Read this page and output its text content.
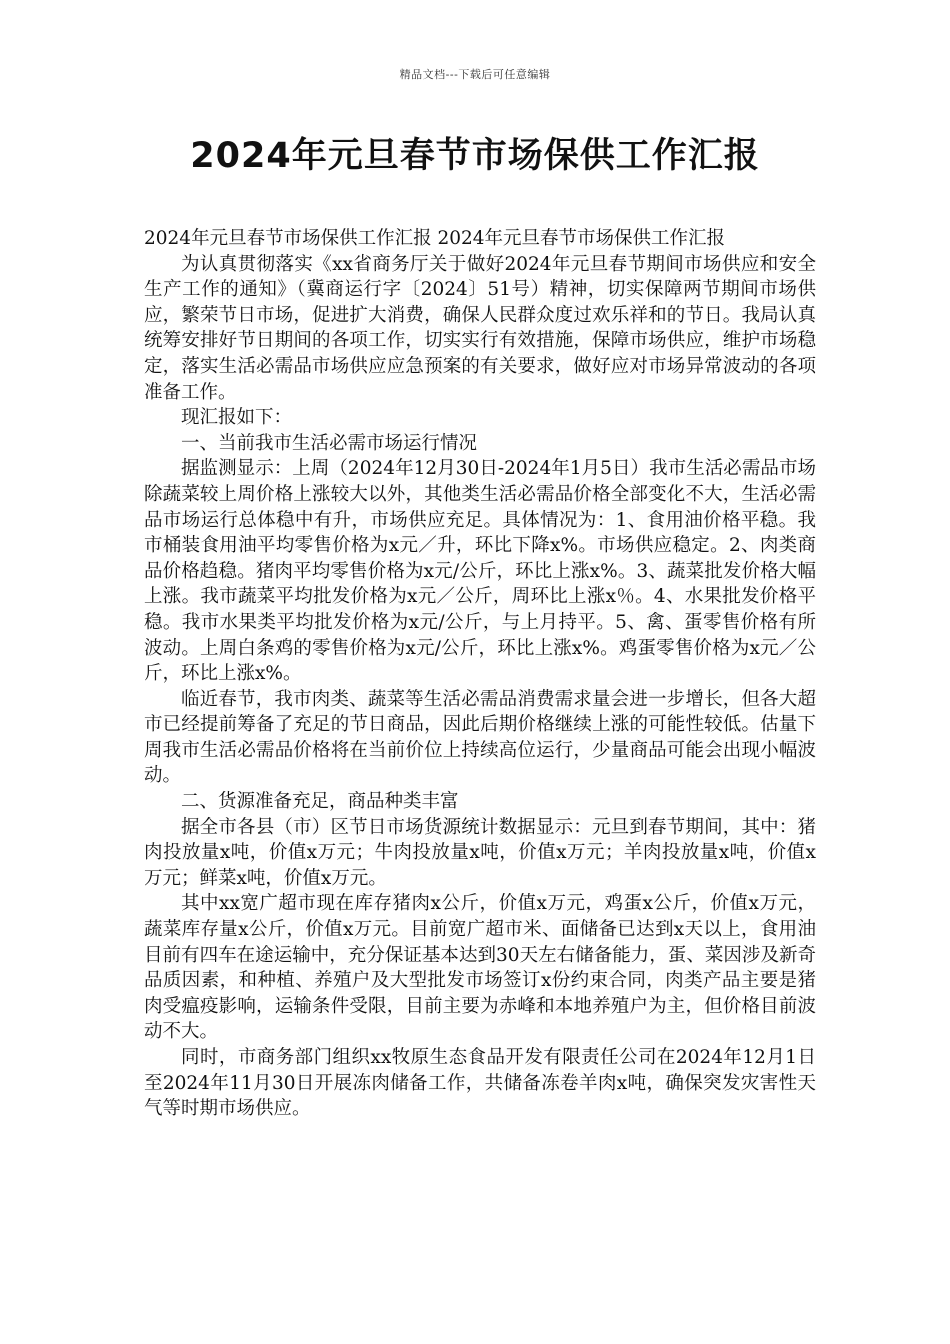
精品文档---下载后可任意编辑
2024年元旦春节市场保供工作汇报

2024年元旦春节市场保供工作汇报 2024年元旦春节市场保供工作汇报

为认真贯彻落实《xx省商务厅关于做好2024年元旦春节期间市场供应和安全生产工作的通知》（冀商运行字〔2024〕51号）精神，切实保障两节期间市场供应，繁荣节日市场，促进扩大消费，确保人民群众度过欢乐祥和的节日。我局认真统筹安排好节日期间的各项工作，切实实行有效措施，保障市场供应，维护市场稳定，落实生活必需品市场供应应急预案的有关要求，做好应对市场异常波动的各项准备工作。

现汇报如下：

一、当前我市生活必需市场运行情况

据监测显示：上周（2024年12月30日-2024年1月5日）我市生活必需品市场除蔬菜较上周价格上涨较大以外，其他类生活必需品价格全部变化不大，生活必需品市场运行总体稳中有升，市场供应充足。具体情况为：1、食用油价格平稳。我市桶装食用油平均零售价格为x元／升，环比下降x%。市场供应稳定。2、肉类商品价格趋稳。猪肉平均零售价格为x元/公斤，环比上涨x%。3、蔬菜批发价格大幅上涨。我市蔬菜平均批发价格为x元／公斤，周环比上涨x％。4、水果批发价格平稳。我市水果类平均批发价格为x元/公斤，与上月持平。5、禽、蛋零售价格有所波动。上周白条鸡的零售价格为x元/公斤，环比上涨x%。鸡蛋零售价格为x元／公斤，环比上涨x%。

临近春节，我市肉类、蔬菜等生活必需品消费需求量会进一步增长，但各大超市已经提前筹备了充足的节日商品，因此后期价格继续上涨的可能性较低。估量下周我市生活必需品价格将在当前价位上持续高位运行，少量商品可能会出现小幅波动。

二、货源准备充足，商品种类丰富

据全市各县（市）区节日市场货源统计数据显示：元旦到春节期间，其中：猪肉投放量x吨，价值x万元；牛肉投放量x吨，价值x万元；羊肉投放量x吨，价值x万元；鲜菜x吨，价值x万元。

其中xx宽广超市现在库存猪肉x公斤，价值x万元，鸡蛋x公斤，价值x万元，蔬菜库存量x公斤，价值x万元。目前宽广超市米、面储备已达到x天以上，食用油目前有四车在途运输中，充分保证基本达到30天左右储备能力，蛋、菜因涉及新奇品质因素，和种植、养殖户及大型批发市场签订x份约束合同，肉类产品主要是猪肉受瘟疫影响，运输条件受限，目前主要为赤峰和本地养殖户为主，但价格目前波动不大。

同时，市商务部门组织xx牧原生态食品开发有限责任公司在2024年12月1日至2024年11月30日开展冻肉储备工作，共储备冻卷羊肉x吨，确保突发灾害性天气等时期市场供应。
